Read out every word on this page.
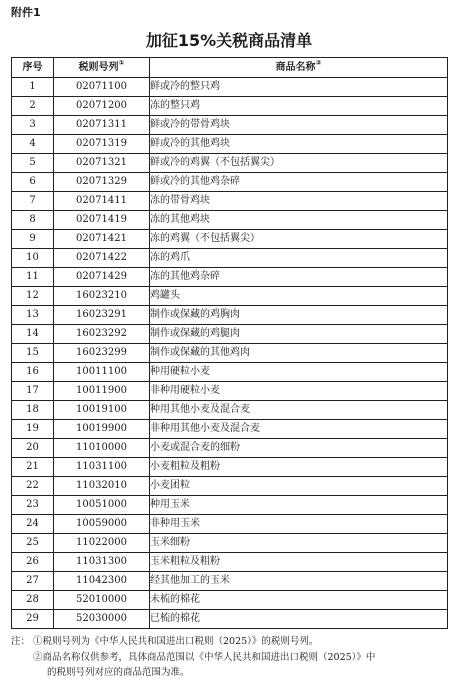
附件1
加征15%关税商品清单
序号	税则号列①	商品名称②
1	02071100	鲜或冷的整只鸡
2	02071200	冻的整只鸡
3	02071311	鲜或冷的带骨鸡块
4	02071319	鲜或冷的其他鸡块
5	02071321	鲜或冷的鸡翼（不包括翼尖）
6	02071329	鲜或冷的其他鸡杂碎
7	02071411	冻的带骨鸡块
8	02071419	冻的其他鸡块
9	02071421	冻的鸡翼（不包括翼尖）
10	02071422	冻的鸡爪
11	02071429	冻的其他鸡杂碎
12	16023210	鸡罐头
13	16023291	制作或保藏的鸡胸肉
14	16023292	制作或保藏的鸡腿肉
15	16023299	制作或保藏的其他鸡肉
16	10011100	种用硬粒小麦
17	10011900	非种用硬粒小麦
18	10019100	种用其他小麦及混合麦
19	10019900	非种用其他小麦及混合麦
20	11010000	小麦或混合麦的细粉
21	11031100	小麦粗粒及粗粉
22	11032010	小麦团粒
23	10051000	种用玉米
24	10059000	非种用玉米
25	11022000	玉米细粉
26	11031300	玉米粗粒及粗粉
27	11042300	经其他加工的玉米
28	52010000	未梳的棉花
29	52030000	已梳的棉花
注： ①税则号列为《中华人民共和国进出口税则（2025）》的税则号列。
②商品名称仅供参考，具体商品范围以《中华人民共和国进出口税则（2025）》中
的税则号列对应的商品范围为准。
